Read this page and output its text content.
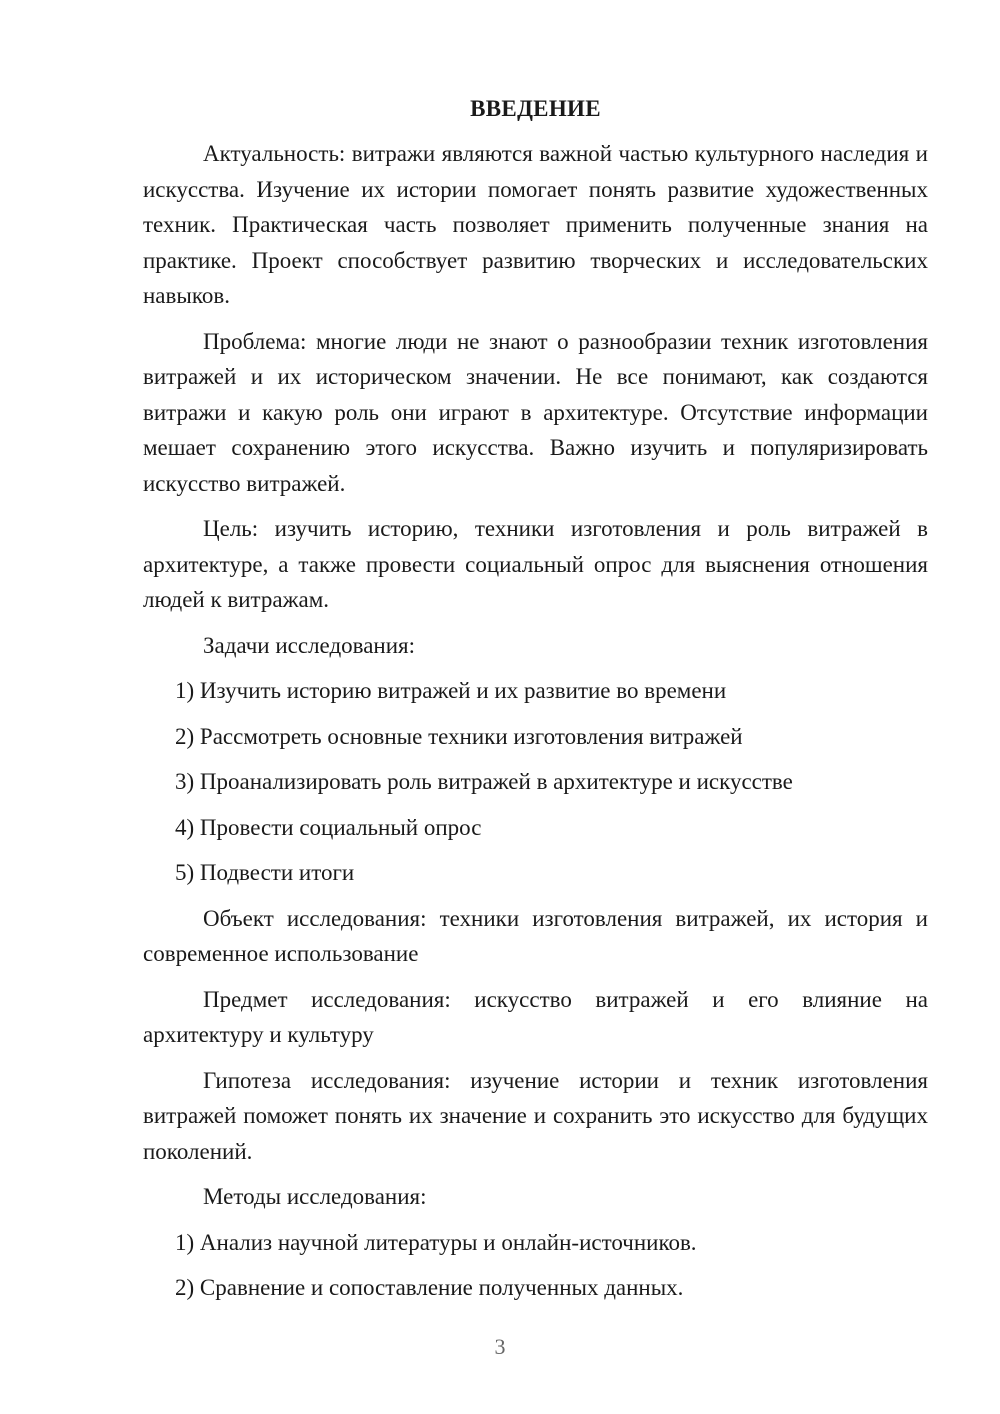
ВВЕДЕНИЕ

Актуальность: витражи являются важной частью культурного наследия и искусства. Изучение их истории помогает понять развитие художественных техник. Практическая часть позволяет применить полученные знания на практике. Проект способствует развитию творческих и исследовательских навыков.

Проблема: многие люди не знают о разнообразии техник изготовления витражей и их историческом значении. Не все понимают, как создаются витражи и какую роль они играют в архитектуре. Отсутствие информации мешает сохранению этого искусства. Важно изучить и популяризировать искусство витражей.

Цель: изучить историю, техники изготовления и роль витражей в архитектуре, а также провести социальный опрос для выяснения отношения людей к витражам.

Задачи исследования:

1) Изучить историю витражей и их развитие во времени
2) Рассмотреть основные техники изготовления витражей
3) Проанализировать роль витражей в архитектуре и искусстве
4) Провести социальный опрос
5) Подвести итоги

Объект исследования: техники изготовления витражей, их история и современное использование

Предмет исследования: искусство витражей и его влияние на архитектуру и культуру

Гипотеза исследования: изучение истории и техник изготовления витражей поможет понять их значение и сохранить это искусство для будущих поколений.

Методы исследования:

1) Анализ научной литературы и онлайн-источников.
2) Сравнение и сопоставление полученных данных.
3
